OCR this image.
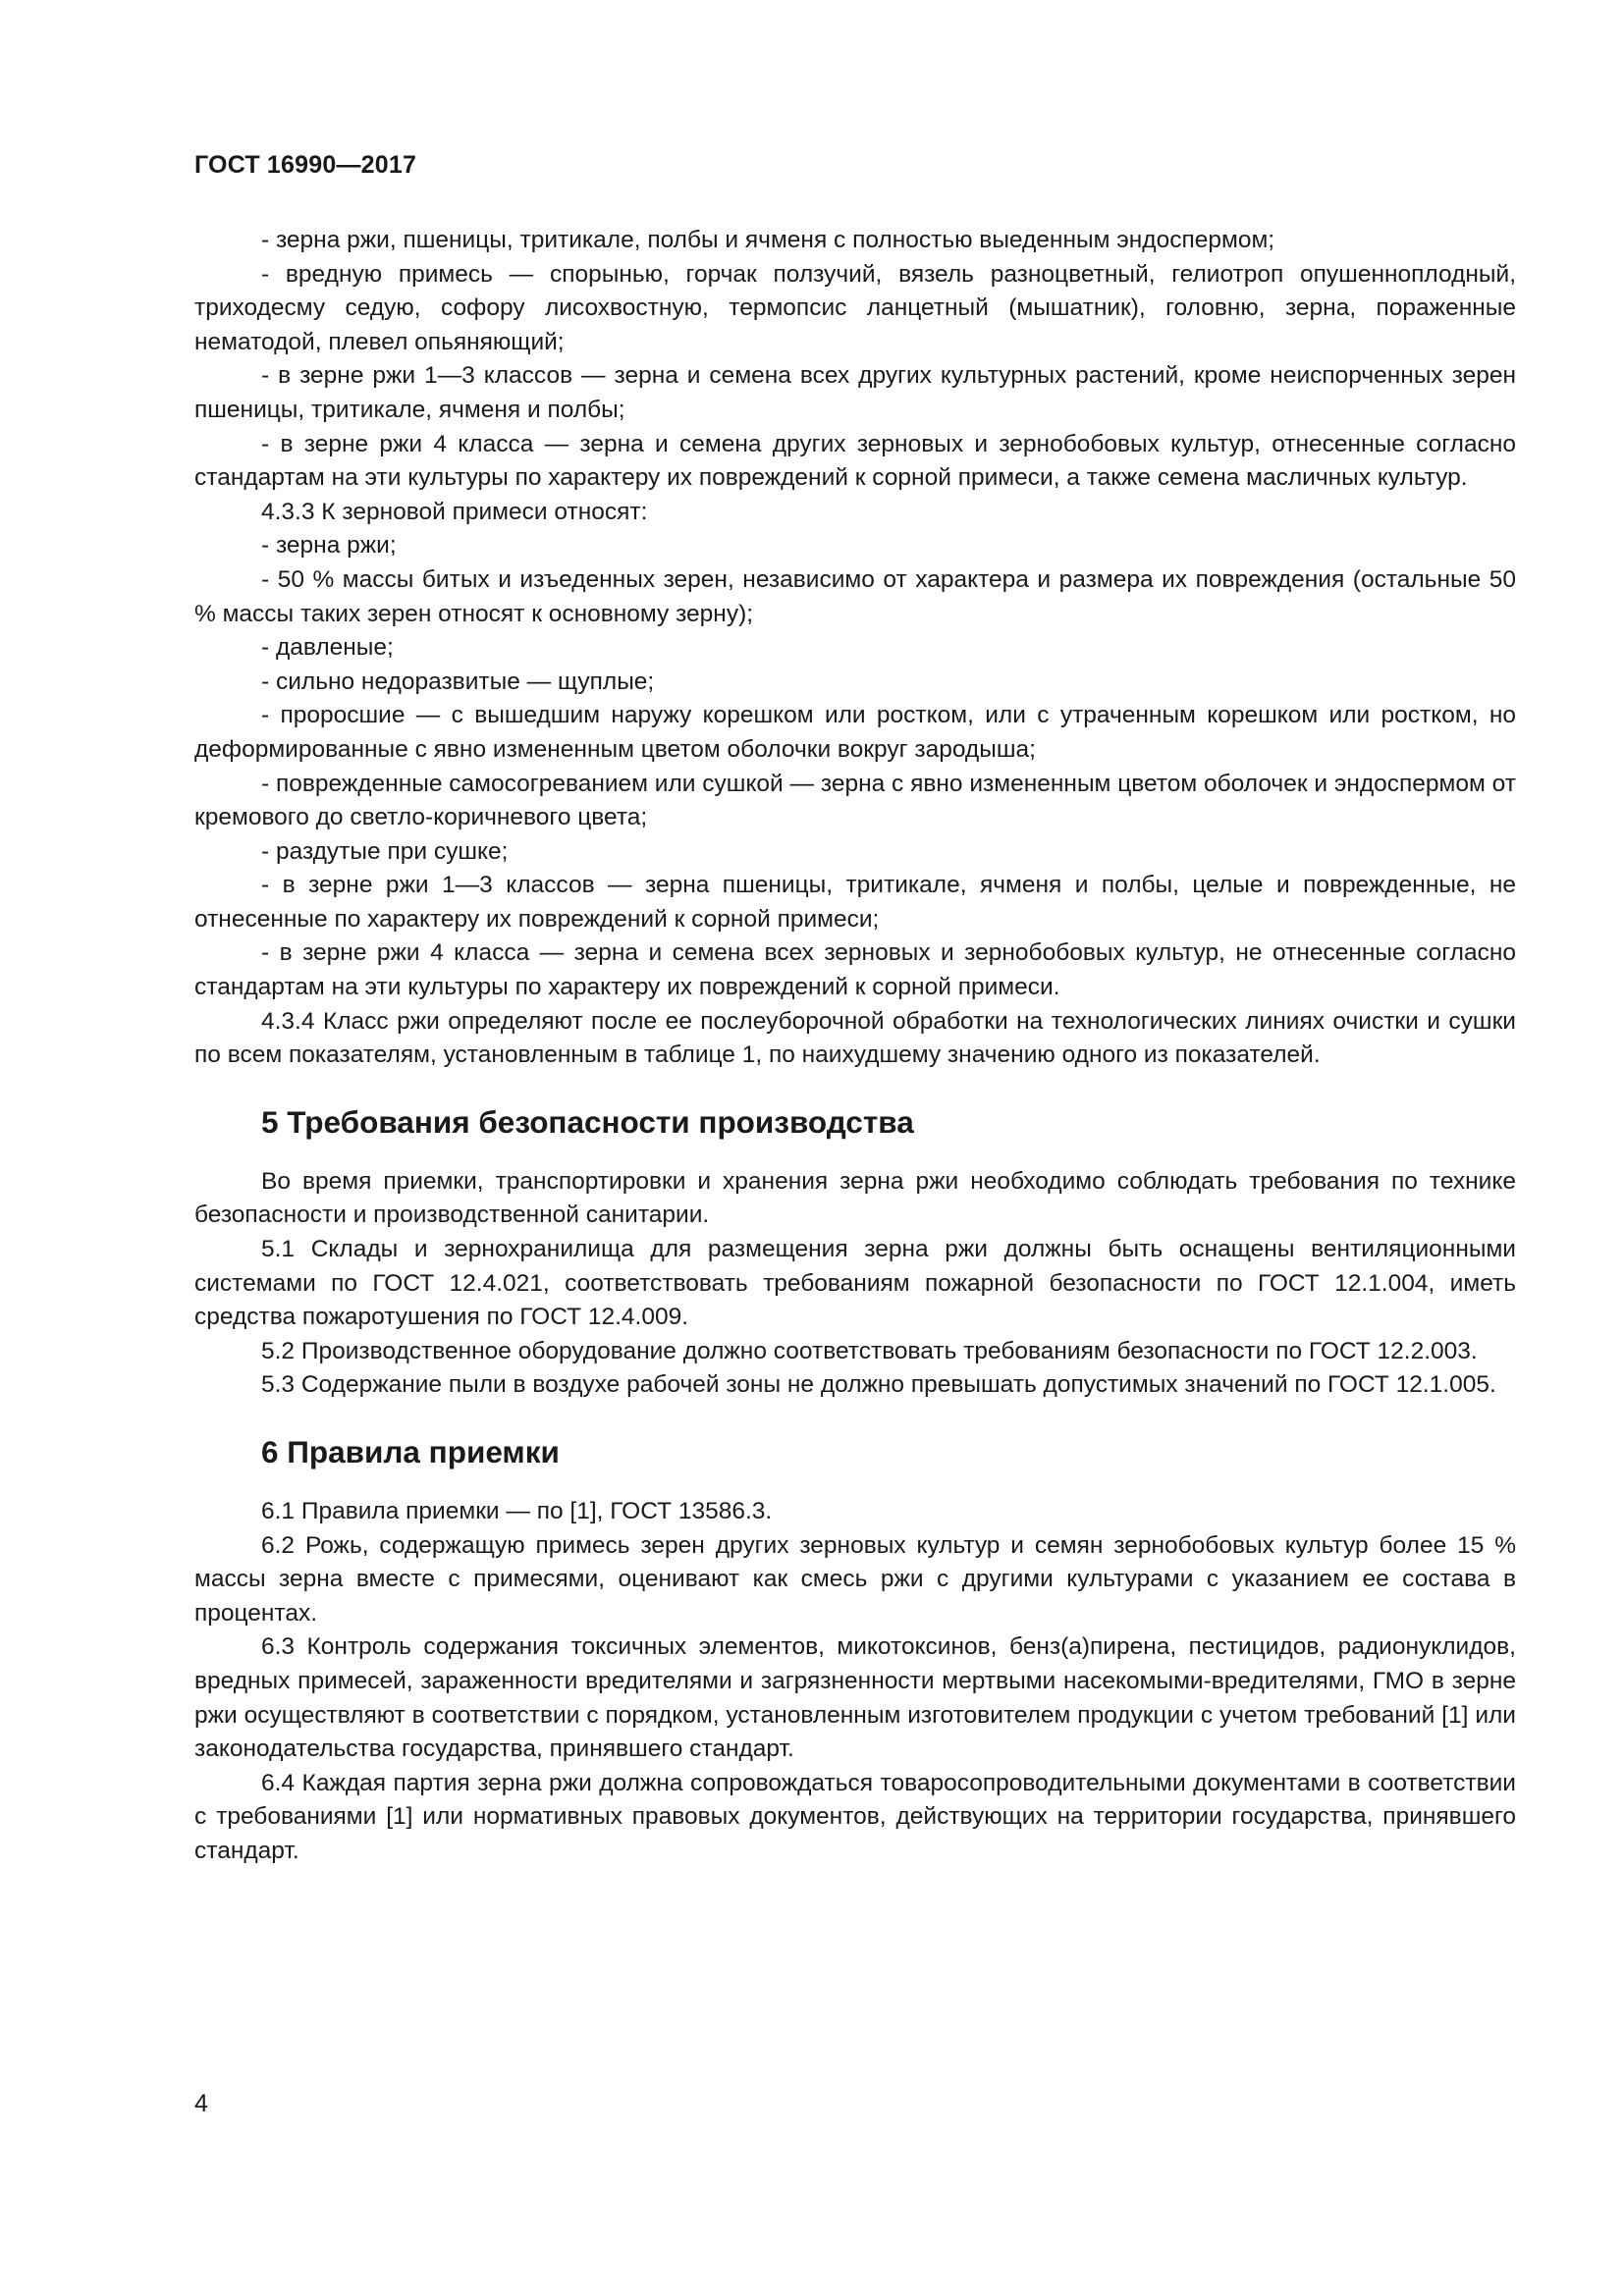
ГОСТ 16990—2017

- зерна ржи, пшеницы, тритикале, полбы и ячменя с полностью выеденным эндоспермом;

- вредную примесь — спорынью, горчак ползучий, вязель разноцветный, гелиотроп опушенноплодный, триходесму седую, софору лисохвостную, термопсис ланцетный (мышатник), головню, зерна, пораженные нематодой, плевел опьяняющий;

- в зерне ржи 1—3 классов — зерна и семена всех других культурных растений, кроме неиспорченных зерен пшеницы, тритикале, ячменя и полбы;

- в зерне ржи 4 класса — зерна и семена других зерновых и зернобобовых культур, отнесенные согласно стандартам на эти культуры по характеру их повреждений к сорной примеси, а также семена масличных культур.

4.3.3 К зерновой примеси относят:

- зерна ржи;

- 50 % массы битых и изъеденных зерен, независимо от характера и размера их повреждения (остальные 50 % массы таких зерен относят к основному зерну);

- давленые;

- сильно недоразвитые — щуплые;

- проросшие — с вышедшим наружу корешком или ростком, или с утраченным корешком или ростком, но деформированные с явно измененным цветом оболочки вокруг зародыша;

- поврежденные самосогреванием или сушкой — зерна с явно измененным цветом оболочек и эндоспермом от кремового до светло-коричневого цвета;

- раздутые при сушке;

- в зерне ржи 1—3 классов — зерна пшеницы, тритикале, ячменя и полбы, целые и поврежденные, не отнесенные по характеру их повреждений к сорной примеси;

- в зерне ржи 4 класса — зерна и семена всех зерновых и зернобобовых культур, не отнесенные согласно стандартам на эти культуры по характеру их повреждений к сорной примеси.

4.3.4 Класс ржи определяют после ее послеуборочной обработки на технологических линиях очистки и сушки по всем показателям, установленным в таблице 1, по наихудшему значению одного из показателей.

5 Требования безопасности производства

Во время приемки, транспортировки и хранения зерна ржи необходимо соблюдать требования по технике безопасности и производственной санитарии.

5.1 Склады и зернохранилища для размещения зерна ржи должны быть оснащены вентиляционными системами по ГОСТ 12.4.021, соответствовать требованиям пожарной безопасности по ГОСТ 12.1.004, иметь средства пожаротушения по ГОСТ 12.4.009.

5.2 Производственное оборудование должно соответствовать требованиям безопасности по ГОСТ 12.2.003.

5.3 Содержание пыли в воздухе рабочей зоны не должно превышать допустимых значений по ГОСТ 12.1.005.

6 Правила приемки

6.1 Правила приемки — по [1], ГОСТ 13586.3.

6.2 Рожь, содержащую примесь зерен других зерновых культур и семян зернобобовых культур более 15 % массы зерна вместе с примесями, оценивают как смесь ржи с другими культурами с указанием ее состава в процентах.

6.3 Контроль содержания токсичных элементов, микотоксинов, бенз(а)пирена, пестицидов, радионуклидов, вредных примесей, зараженности вредителями и загрязненности мертвыми насекомыми-вредителями, ГМО в зерне ржи осуществляют в соответствии с порядком, установленным изготовителем продукции с учетом требований [1] или законодательства государства, принявшего стандарт.

6.4 Каждая партия зерна ржи должна сопровождаться товаросопроводительными документами в соответствии с требованиями [1] или нормативных правовых документов, действующих на территории государства, принявшего стандарт.

4
